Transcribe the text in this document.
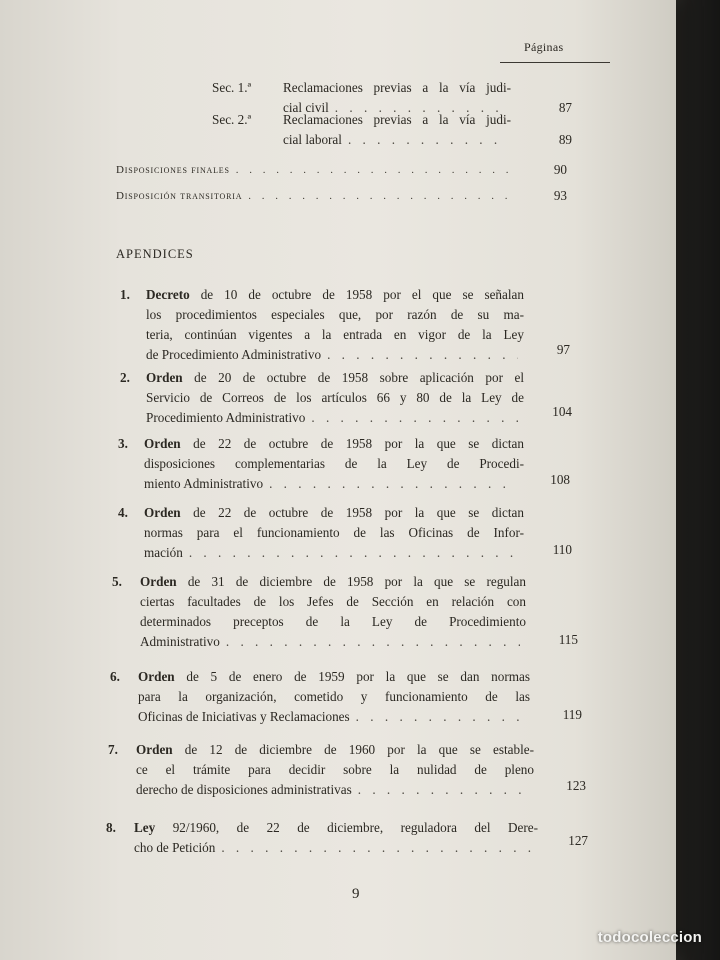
Páginas
Sec. 1.ª Reclamaciones previas a la vía judi-
cial civil . . .	87
Sec. 2.ª Reclamaciones previas a la vía judi-
cial laboral . . .	89
Disposiciones finales . . .	90
Disposición transitoria . . .	93
APENDICES
1. Decreto de 10 de octubre de 1958 por el que se señalan
los procedimientos especiales que, por razón de su ma-
teria, continúan vigentes a la entrada en vigor de la Ley
de Procedimiento Administrativo . . .	97
2. Orden de 20 de octubre de 1958 sobre aplicación por el
Servicio de Correos de los artículos 66 y 80 de la Ley de
Procedimiento Administrativo . . .	104
3. Orden de 22 de octubre de 1958 por la que se dictan
disposiciones complementarias de la Ley de Procedi-
miento Administrativo . . .	108
4. Orden de 22 de octubre de 1958 por la que se dictan
normas para el funcionamiento de las Oficinas de Infor-
mación . . .	110
5. Orden de 31 de diciembre de 1958 por la que se regulan
ciertas facultades de los Jefes de Sección en relación con
determinados preceptos de la Ley de Procedimiento
Administrativo . . .	115
6. Orden de 5 de enero de 1959 por la que se dan normas
para la organización, cometido y funcionamiento de las
Oficinas de Iniciativas y Reclamaciones . . .	119
7. Orden de 12 de diciembre de 1960 por la que se estable-
ce el trámite para decidir sobre la nulidad de pleno
derecho de disposiciones administrativas . . .	123
8. Ley 92/1960, de 22 de diciembre, reguladora del Dere-
cho de Petición . . .	127
9
todocoleccion
